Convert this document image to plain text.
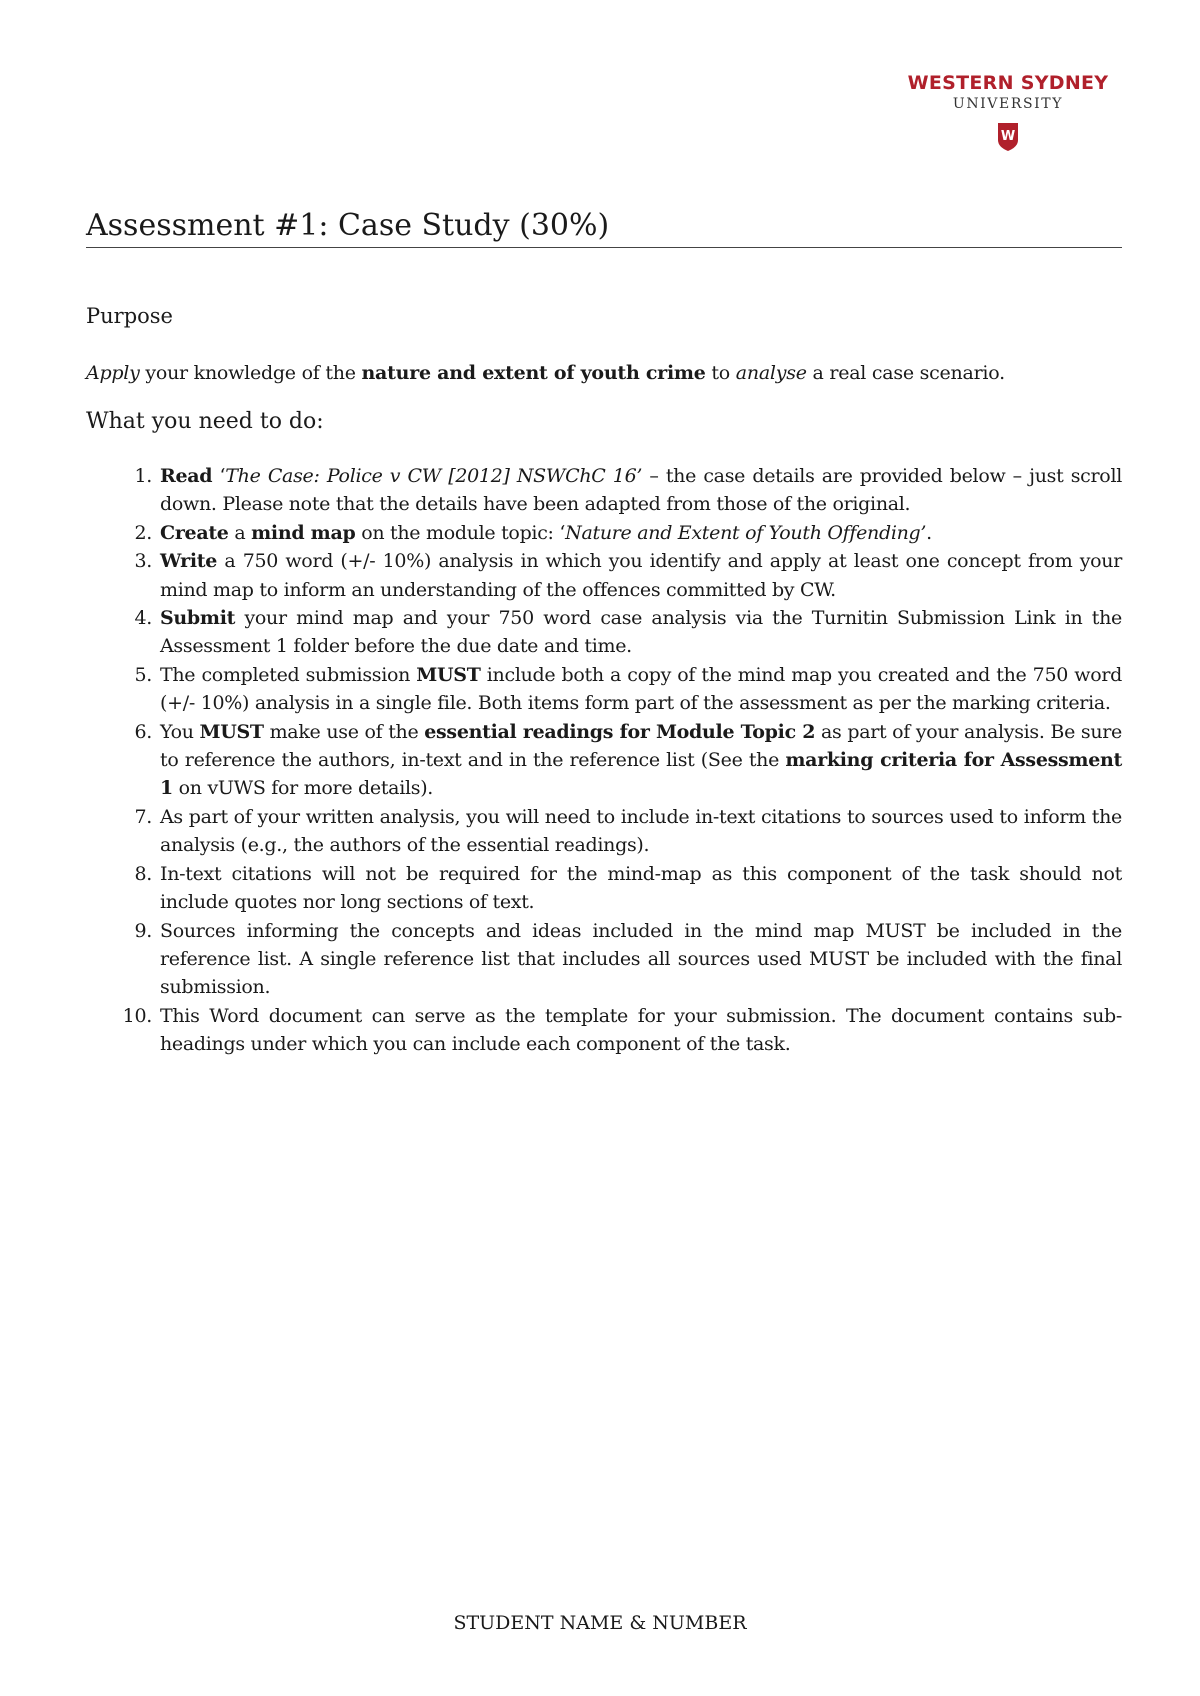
WESTERN SYDNEY
UNIVERSITY
W
Assessment #1: Case Study (30%)
Purpose
Apply your knowledge of the nature and extent of youth crime to analyse a real case scenario.
What you need to do:
1. Read ‘The Case: Police v CW [2012] NSWChC 16’ – the case details are provided below – just scroll down. Please note that the details have been adapted from those of the original.
2. Create a mind map on the module topic: ‘Nature and Extent of Youth Offending’.
3. Write a 750 word (+/- 10%) analysis in which you identify and apply at least one concept from your mind map to inform an understanding of the offences committed by CW.
4. Submit your mind map and your 750 word case analysis via the Turnitin Submission Link in the Assessment 1 folder before the due date and time.
5. The completed submission MUST include both a copy of the mind map you created and the 750 word (+/- 10%) analysis in a single file. Both items form part of the assessment as per the marking criteria.
6. You MUST make use of the essential readings for Module Topic 2 as part of your analysis. Be sure to reference the authors, in-text and in the reference list (See the marking criteria for Assessment 1 on vUWS for more details).
7. As part of your written analysis, you will need to include in-text citations to sources used to inform the analysis (e.g., the authors of the essential readings).
8. In-text citations will not be required for the mind-map as this component of the task should not include quotes nor long sections of text.
9. Sources informing the concepts and ideas included in the mind map MUST be included in the reference list. A single reference list that includes all sources used MUST be included with the final submission.
10. This Word document can serve as the template for your submission. The document contains sub-headings under which you can include each component of the task.
STUDENT NAME & NUMBER
